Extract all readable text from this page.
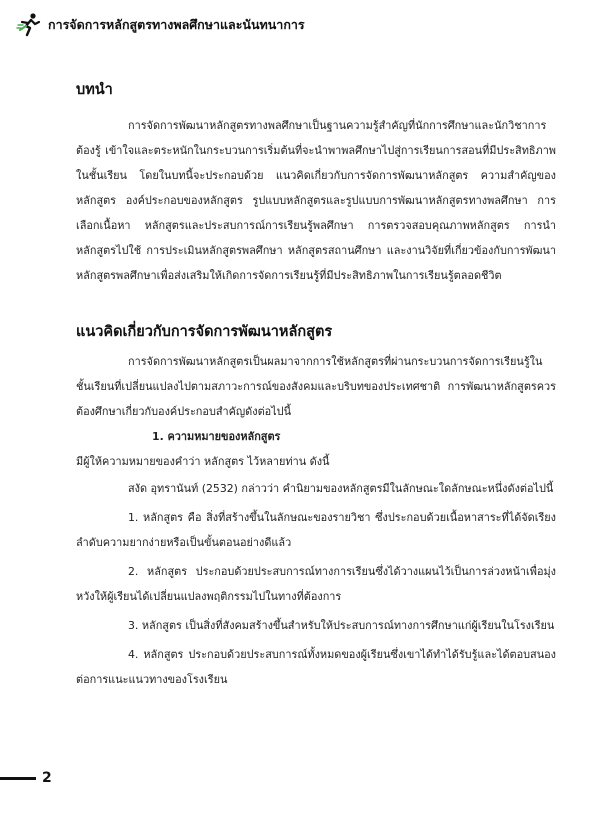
การจัดการหลักสูตรทางพลศึกษาและนันทนาการ
บทนำ

การจัดการพัฒนาหลักสูตรทางพลศึกษาเป็นฐานความรู้สำคัญที่นักการศึกษาและนักวิชาการต้องรู้ เข้าใจและตระหนักในกระบวนการเริ่มต้นที่จะนำพาพลศึกษาไปสู่การเรียนการสอนที่มีประสิทธิภาพในชั้นเรียน โดยในบทนี้จะประกอบด้วย แนวคิดเกี่ยวกับการจัดการพัฒนาหลักสูตร ความสำคัญของหลักสูตร องค์ประกอบของหลักสูตร รูปแบบหลักสูตรและรูปแบบการพัฒนาหลักสูตรทางพลศึกษา การเลือกเนื้อหา หลักสูตรและประสบการณ์การเรียนรู้พลศึกษา การตรวจสอบคุณภาพหลักสูตร การนำหลักสูตรไปใช้ การประเมินหลักสูตรพลศึกษา หลักสูตรสถานศึกษา และงานวิจัยที่เกี่ยวข้องกับการพัฒนาหลักสูตรพลศึกษาเพื่อส่งเสริมให้เกิดการจัดการเรียนรู้ที่มีประสิทธิภาพในการเรียนรู้ตลอดชีวิต

แนวคิดเกี่ยวกับการจัดการพัฒนาหลักสูตร

การจัดการพัฒนาหลักสูตรเป็นผลมาจากการใช้หลักสูตรที่ผ่านกระบวนการจัดการเรียนรู้ในชั้นเรียนที่เปลี่ยนแปลงไปตามสภาวะการณ์ของสังคมและบริบทของประเทศชาติ การพัฒนาหลักสูตรควรต้องศึกษาเกี่ยวกับองค์ประกอบสำคัญดังต่อไปนี้

1. ความหมายของหลักสูตร

มีผู้ให้ความหมายของคำว่า หลักสูตร ไว้หลายท่าน ดังนี้

สงัด อุทรานันท์ (2532) กล่าวว่า คำนิยามของหลักสูตรมีในลักษณะใดลักษณะหนึ่งดังต่อไปนี้

1. หลักสูตร คือ สิ่งที่สร้างขึ้นในลักษณะของรายวิชา ซึ่งประกอบด้วยเนื้อหาสาระที่ได้จัดเรียงลำดับความยากง่ายหรือเป็นขั้นตอนอย่างดีแล้ว

2. หลักสูตร ประกอบด้วยประสบการณ์ทางการเรียนซึ่งได้วางแผนไว้เป็นการล่วงหน้าเพื่อมุ่งหวังให้ผู้เรียนได้เปลี่ยนแปลงพฤติกรรมไปในทางที่ต้องการ

3. หลักสูตร เป็นสิ่งที่สังคมสร้างขึ้นสำหรับให้ประสบการณ์ทางการศึกษาแก่ผู้เรียนในโรงเรียน

4. หลักสูตร ประกอบด้วยประสบการณ์ทั้งหมดของผู้เรียนซึ่งเขาได้ทำได้รับรู้และได้ตอบสนองต่อการแนะแนวทางของโรงเรียน

2
